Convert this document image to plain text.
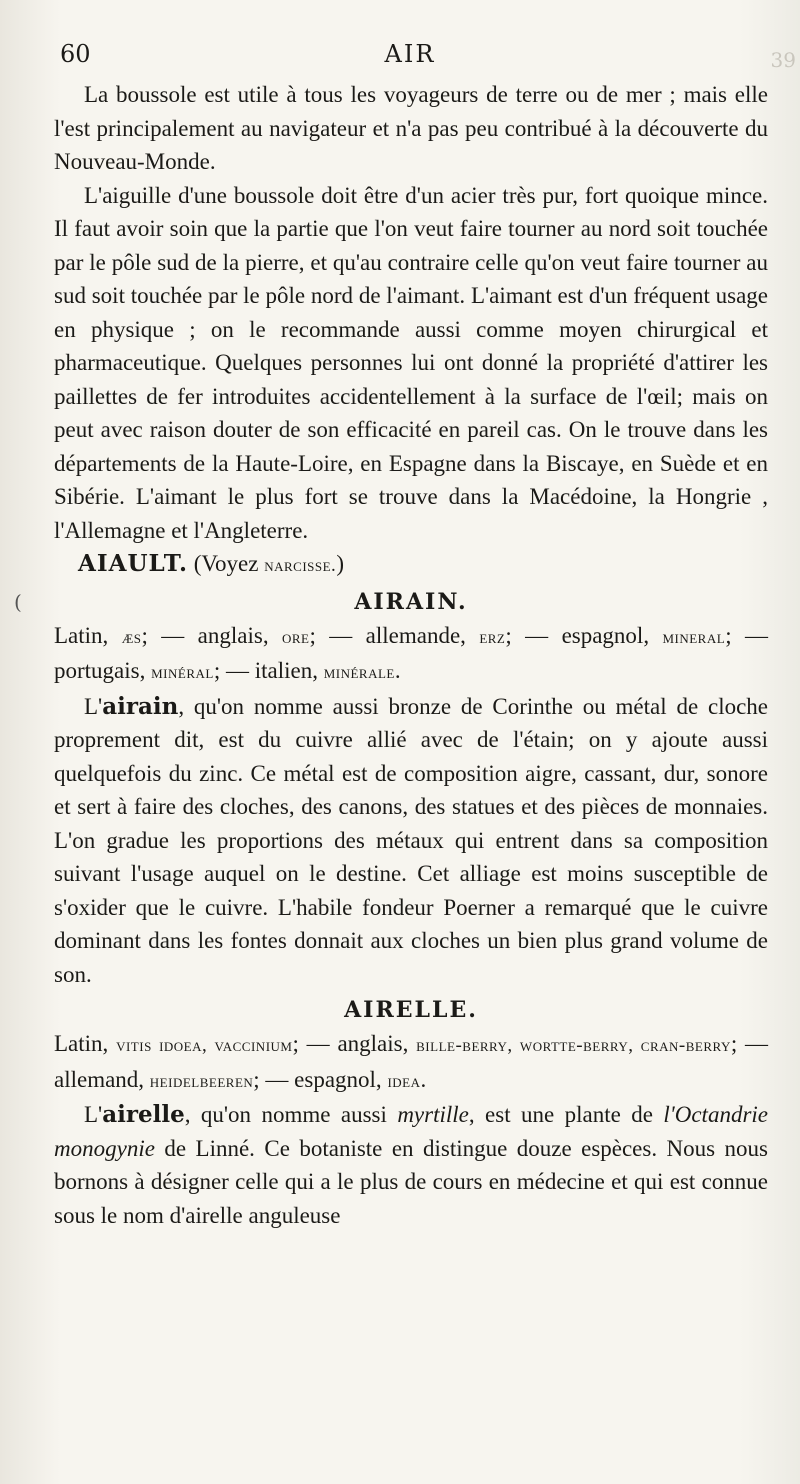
60	AIR	39
(

La boussole est utile à tous les voyageurs de terre ou de mer ; mais elle l'est principalement au navigateur et n'a pas peu contribué à la découverte du Nouveau-Monde.

L'aiguille d'une boussole doit être d'un acier très pur, fort quoique mince. Il faut avoir soin que la partie que l'on veut faire tourner au nord soit touchée par le pôle sud de la pierre, et qu'au contraire celle qu'on veut faire tourner au sud soit touchée par le pôle nord de l'aimant. L'aimant est d'un fréquent usage en physique ; on le recommande aussi comme moyen chirurgical et pharmaceutique. Quelques personnes lui ont donné la propriété d'attirer les paillettes de fer introduites accidentellement à la surface de l'œil; mais on peut avec raison douter de son efficacité en pareil cas. On le trouve dans les départements de la Haute-Loire, en Espagne dans la Biscaye, en Suède et en Sibérie. L'aimant le plus fort se trouve dans la Macédoine, la Hongrie , l'Allemagne et l'Angleterre.

AIAULT. (Voyez narcisse.)

AIRAIN.

Latin, æs; — anglais, ore; — allemande, erz; — espagnol, mineral; — portugais, minéral; — italien, minérale.

L'airain, qu'on nomme aussi bronze de Corinthe ou métal de cloche proprement dit, est du cuivre allié avec de l'étain; on y ajoute aussi quelquefois du zinc. Ce métal est de composition aigre, cassant, dur, sonore et sert à faire des cloches, des canons, des statues et des pièces de monnaies. L'on gradue les proportions des métaux qui entrent dans sa composition suivant l'usage auquel on le destine. Cet alliage est moins susceptible de s'oxider que le cuivre. L'habile fondeur Poerner a remarqué que le cuivre dominant dans les fontes donnait aux cloches un bien plus grand volume de son.

AIRELLE.

Latin, vitis idoea, vaccinium; — anglais, bille-berry, wortte-berry, cran-berry; — allemand, heidelbeeren; — espagnol, idea.

L'airelle, qu'on nomme aussi myrtille, est une plante de l'Octandrie monogynie de Linné. Ce botaniste en distingue douze espèces. Nous nous bornons à désigner celle qui a le plus de cours en médecine et qui est connue sous le nom d'airelle anguleuse
